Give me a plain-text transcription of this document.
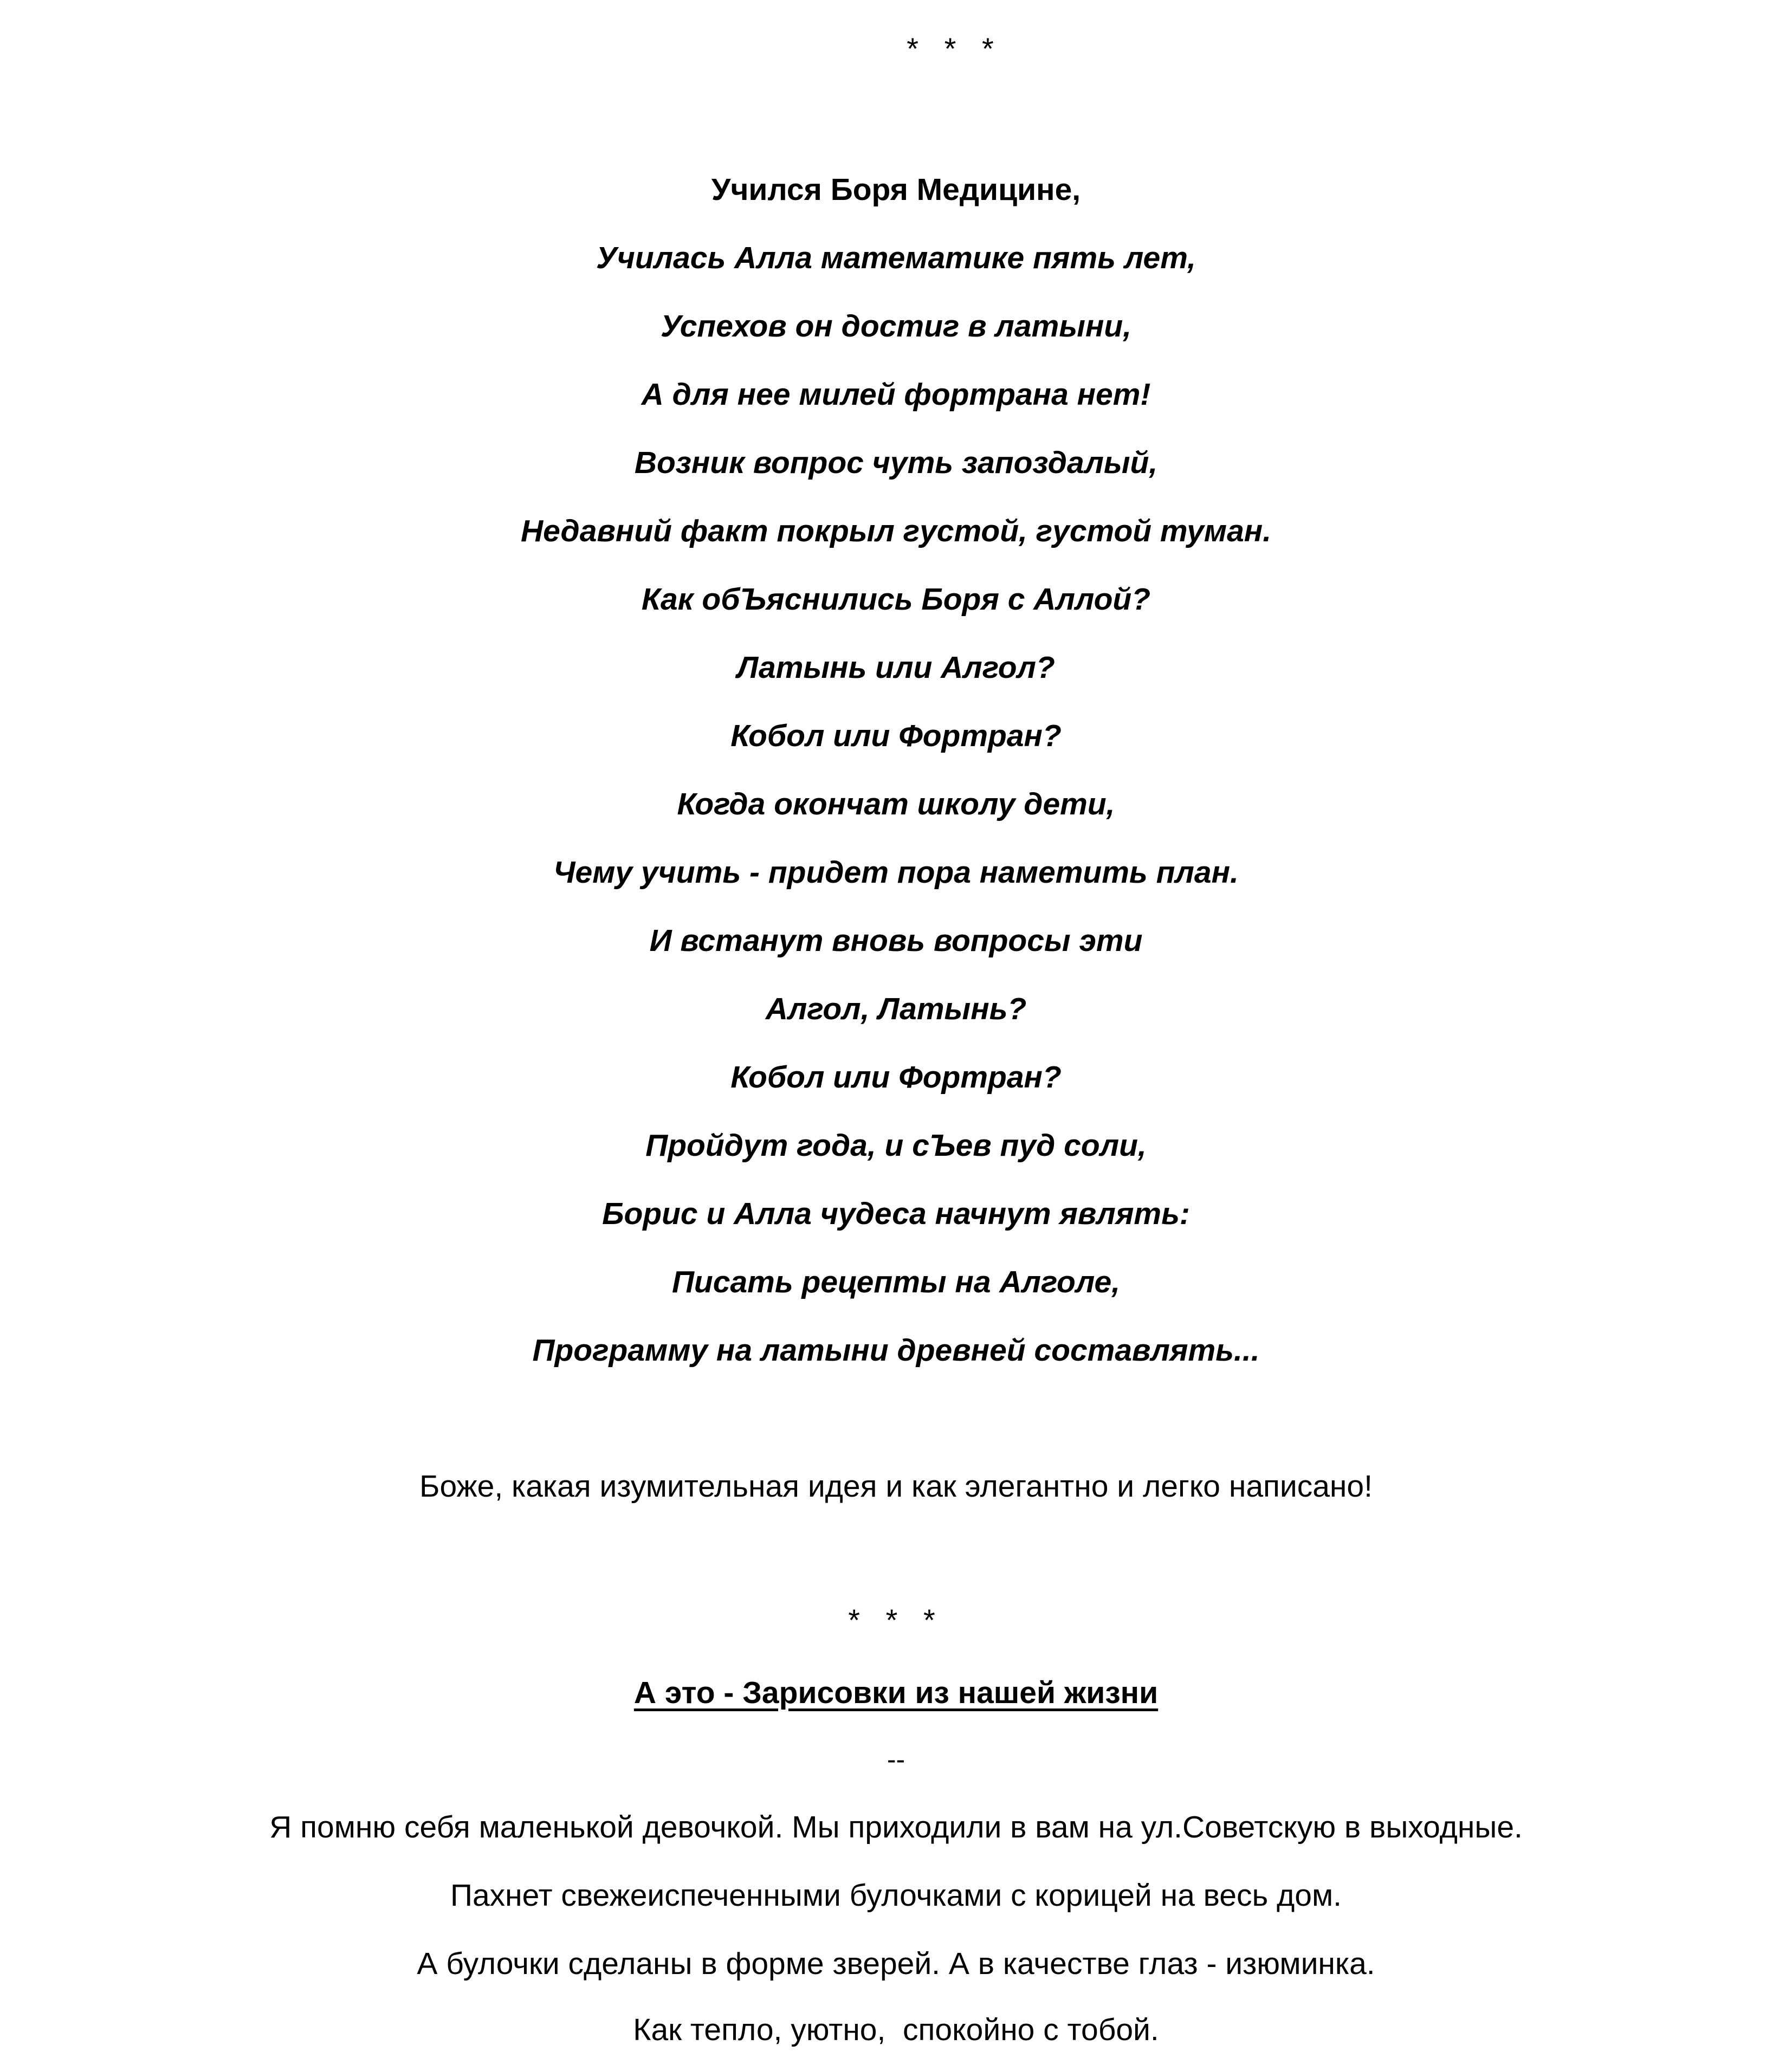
* * *

Учился Боря Медицине,

Училась Алла математике пять лет,

Успехов он достиг в латыни,

А для нее милей фортрана нет!

Возник вопрос чуть запоздалый,

Недавний факт покрыл густой, густой туман.

Как обЪяснились Боря с Аллой?

Латынь или Алгол?

Кобол или Фортран?

Когда окончат школу дети,

Чему учить - придет пора наметить план.

И встанут вновь вопросы эти

Алгол, Латынь?

Кобол или Фортран?

Пройдут года, и сЪев пуд соли,

Борис и Алла чудеса начнут являть:

Писать рецепты на Алголе,

Программу на латыни древней составлять...

Боже, какая изумительная идея и как элегантно и легко написано!

* * *

А это - Зарисовки из нашей жизни

--

Я помню себя маленькой девочкой. Мы приходили в вам на ул.Советскую в выходные.

Пахнет свежеиспеченными булочками с корицей на весь дом.

А булочки сделаны в форме зверей. А в качестве глаз - изюминка.

Как тепло, уютно,  спокойно с тобой.
